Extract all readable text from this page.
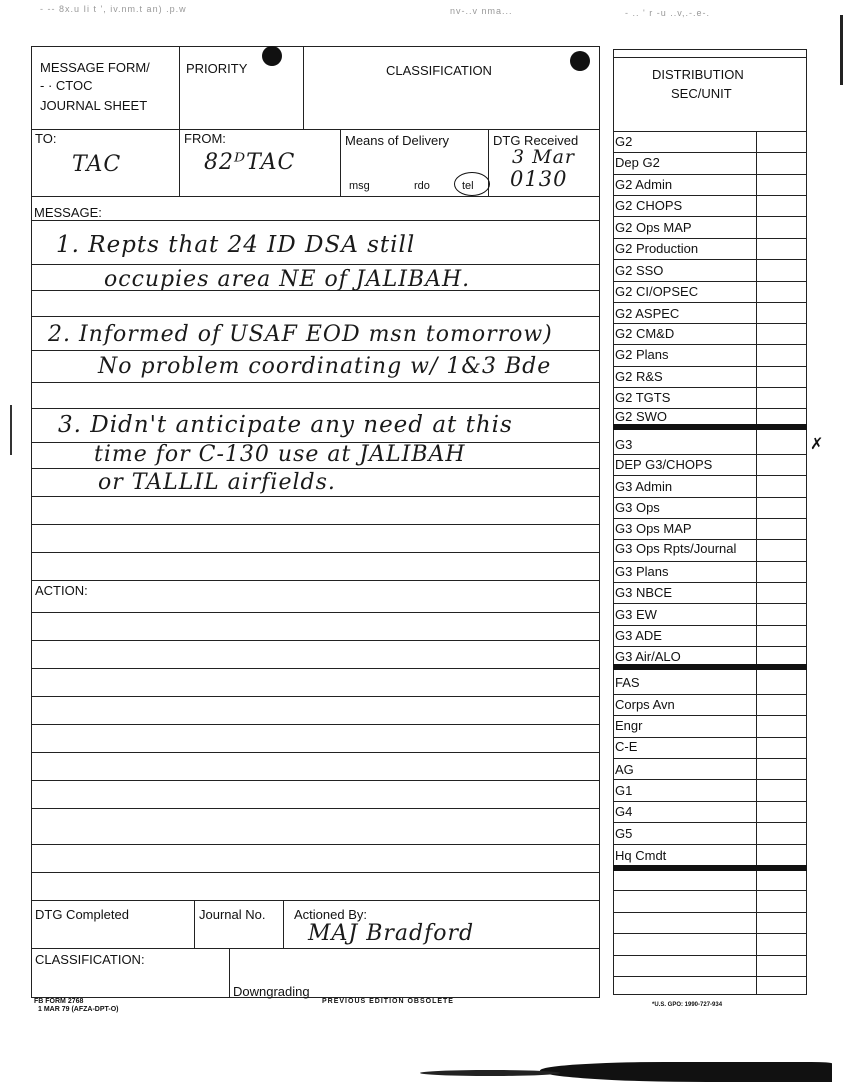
- -- 8x.u Ii t ', iv.nm.t an) .p.w	nv-..v nma...	- .. ' r -u ..v,.-.e-.
MESSAGE FORM/
- · CTOC
JOURNAL SHEET
PRIORITY	CLASSIFICATION
TO:
TAC
FROM:
82ᴰTAC
Means of Delivery
msg	rdo	tel
DTG Received
3 Mar
0130
MESSAGE:
1. Repts that 24 ID DSA still
occupies area NE of JALIBAH.
2. Informed of USAF EOD msn tomorrow)
No problem coordinating w/ 1&3 Bde
3. Didn't anticipate any need at this
time for C-130 use at JALIBAH
or TALLIL airfields.
ACTION:
DTG Completed	Journal No. Actioned By:
MAJ Bradford
CLASSIFICATION:
Downgrading
FB FORM 2768
1 MAR 79 (AFZA-DPT-O)
PREVIOUS EDITION OBSOLETE	*U.S. GPO: 1990-727-934
DISTRIBUTION
SEC/UNIT
G2
Dep G2
G2 Admin
G2 CHOPS
G2 Ops MAP
G2 Production
G2 SSO
G2 CI/OPSEC
G2 ASPEC
G2 CM&D
G2 Plans
G2 R&S
G2 TGTS
G2 SWO
G3
DEP G3/CHOPS
G3 Admin
G3 Ops
G3 Ops MAP
G3 Ops Rpts/Journal
G3 Plans
G3 NBCE
G3 EW
G3 ADE
G3 Air/ALO
FAS
Corps Avn
Engr
C-E
AG
G1
G4
G5
Hq Cmdt
✗
